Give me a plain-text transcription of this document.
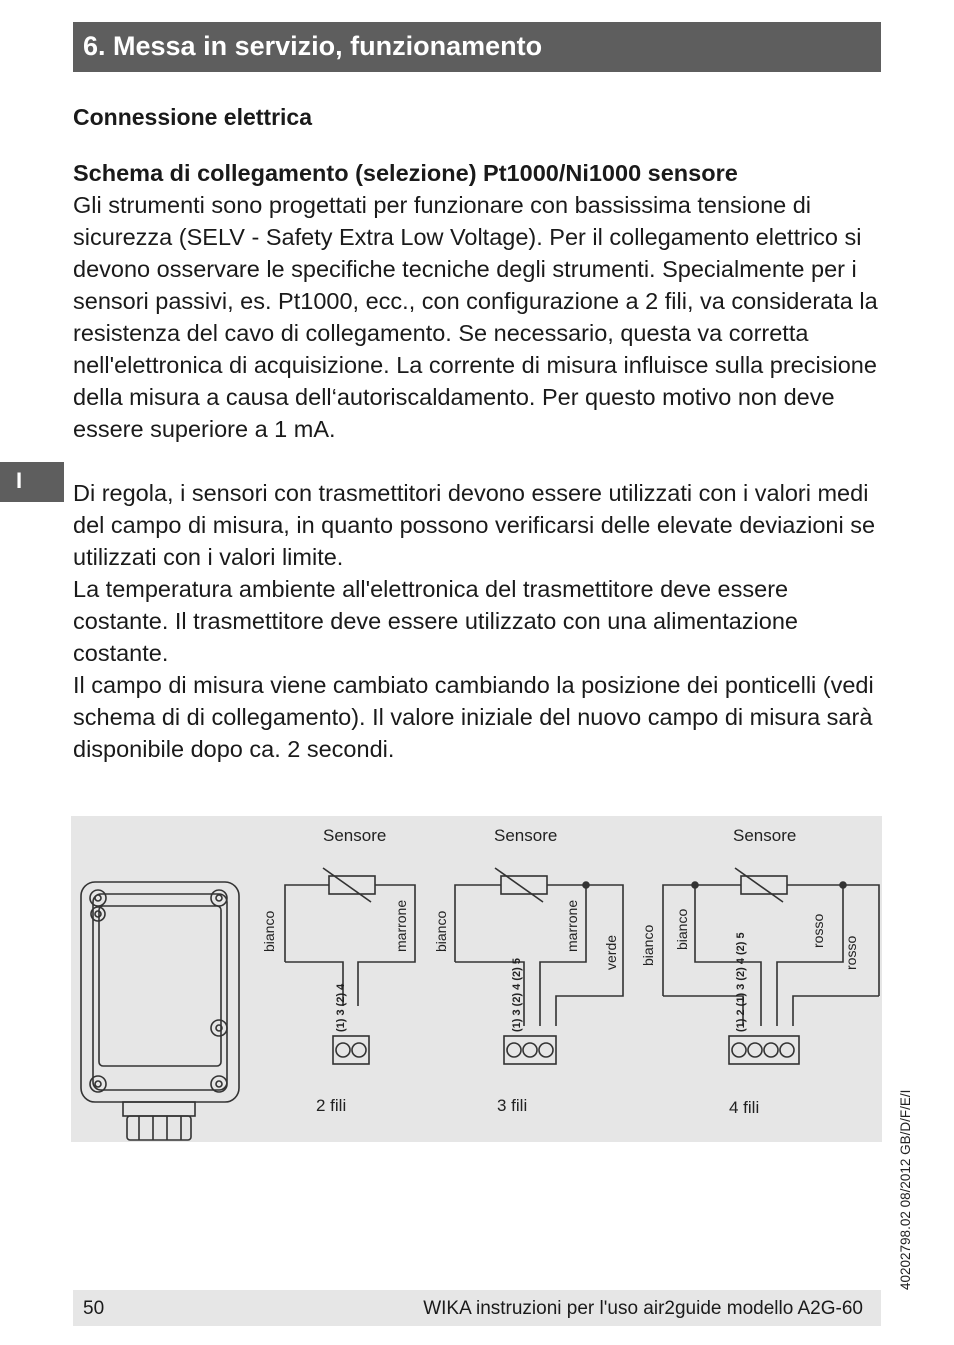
6. Messa in servizio, funzionamento
I
Connessione elettrica

Schema di collegamento (selezione) Pt1000/Ni1000 sensore

Gli strumenti sono progettati per funzionare con bassissima tensione di sicurezza (SELV - Safety Extra Low Voltage). Per il collegamento elettrico si devono osservare le specifiche tecniche degli strumenti. Specialmente per i sensori passivi, es. Pt1000, ecc., con configurazione a 2 fili, va considerata la resistenza del cavo di collegamento. Se necessario, questa va corretta nell'elettronica di acquisizione. La corrente di misura influisce sulla precisione della misura a causa dell‘autoriscaldamento. Per questo motivo non deve essere superiore a 1 mA.

Di regola, i sensori con trasmettitori devono essere utilizzati con i valori medi del campo di misura, in quanto possono verificarsi delle elevate deviazioni se utilizzati con i valori limite.

La temperatura ambiente all'elettronica del trasmettitore deve essere costante. Il trasmettitore deve essere utilizzato con una alimentazione costante.

Il campo di misura viene cambiato cambiando la posizione dei ponticelli (vedi schema di di collegamento). Il valore iniziale del nuovo campo di misura sarà disponibile dopo ca. 2 secondi.

Sensore
bianco	marrone
(1) 3 (2) 4
2 fili
Sensore
bianco	marrone
verde
(1) 3 (2) 4 (2) 5
3 fili
Sensore
bianco bianco	rosso
rosso
(1) 2 (1) 3 (2) 4 (2) 5
4 fili	40202798.02 08/2012 GB/D/F/E/I
50	WIKA instruzioni per l'uso air2guide modello A2G-60
